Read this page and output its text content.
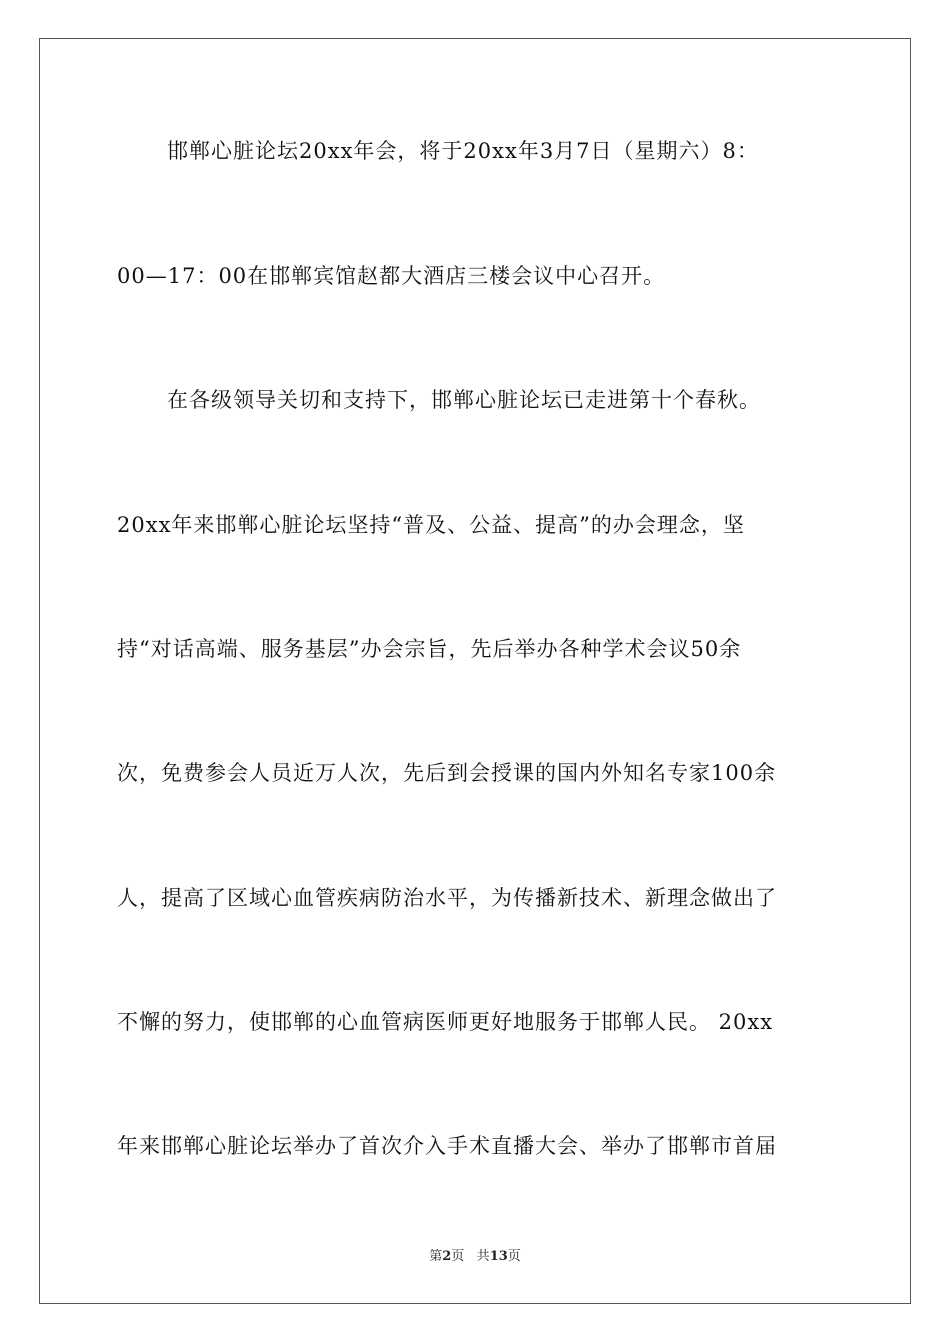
邯郸心脏论坛20xx年会，将于20xx年3月7日（星期六）8：
00—17：00在邯郸宾馆赵都大酒店三楼会议中心召开。
在各级领导关切和支持下，邯郸心脏论坛已走进第十个春秋。
20xx年来邯郸心脏论坛坚持“普及、公益、提高”的办会理念，坚
持“对话高端、服务基层”办会宗旨，先后举办各种学术会议50余
次，免费参会人员近万人次，先后到会授课的国内外知名专家100余
人，提高了区域心血管疾病防治水平，为传播新技术、新理念做出了
不懈的努力，使邯郸的心血管病医师更好地服务于邯郸人民。 20xx
年来邯郸心脏论坛举办了首次介入手术直播大会、举办了邯郸市首届
第2页 共13页
